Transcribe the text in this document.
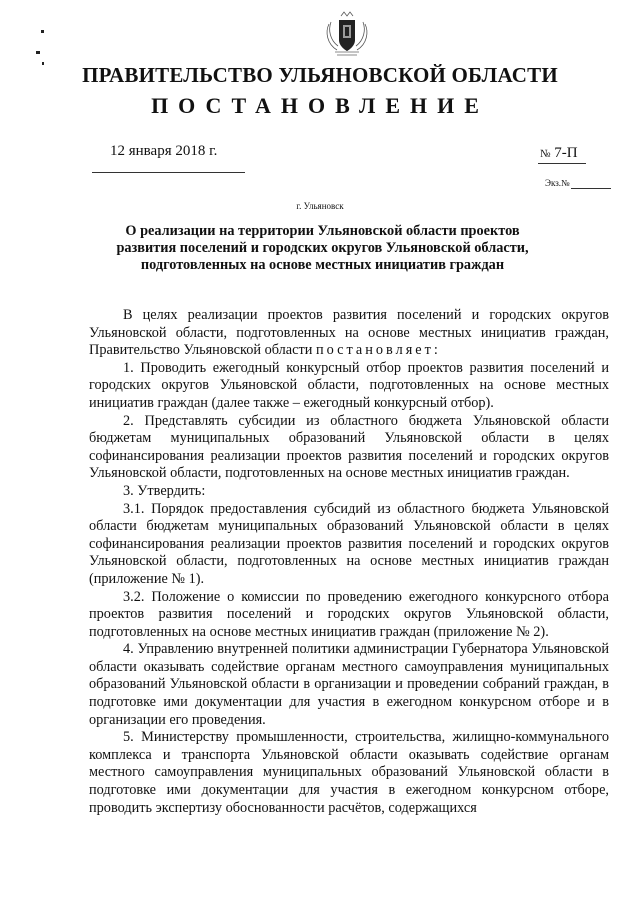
ПРАВИТЕЛЬСТВО УЛЬЯНОВСКОЙ ОБЛАСТИ
ПОСТАНОВЛЕНИЕ
12 января 2018 г.	№ 7-П
Экз.№
г. Ульяновск
О реализации на территории Ульяновской области проектов развития поселений и городских округов Ульяновской области, подготовленных на основе местных инициатив граждан

В целях реализации проектов развития поселений и городских округов Ульяновской области, подготовленных на основе местных инициатив граждан, Правительство Ульяновской области постановляет:

1. Проводить ежегодный конкурсный отбор проектов развития поселений и городских округов Ульяновской области, подготовленных на основе местных инициатив граждан (далее также – ежегодный конкурсный отбор).

2. Представлять субсидии из областного бюджета Ульяновской области бюджетам муниципальных образований Ульяновской области в целях софинансирования реализации проектов развития поселений и городских округов Ульяновской области, подготовленных на основе местных инициатив граждан.

3. Утвердить:

3.1. Порядок предоставления субсидий из областного бюджета Ульяновской области бюджетам муниципальных образований Ульяновской области в целях софинансирования реализации проектов развития поселений и городских округов Ульяновской области, подготовленных на основе местных инициатив граждан (приложение № 1).

3.2. Положение о комиссии по проведению ежегодного конкурсного отбора проектов развития поселений и городских округов Ульяновской области, подготовленных на основе местных инициатив граждан (приложение № 2).

4. Управлению внутренней политики администрации Губернатора Ульяновской области оказывать содействие органам местного самоуправления муниципальных образований Ульяновской области в организации и проведении собраний граждан, в подготовке ими документации для участия в ежегодном конкурсном отборе и в организации его проведения.

5. Министерству промышленности, строительства, жилищно-коммунального комплекса и транспорта Ульяновской области оказывать содействие органам местного самоуправления муниципальных образований Ульяновской области в подготовке ими документации для участия в ежегодном конкурсном отборе, проводить экспертизу обоснованности расчётов, содержащихся
